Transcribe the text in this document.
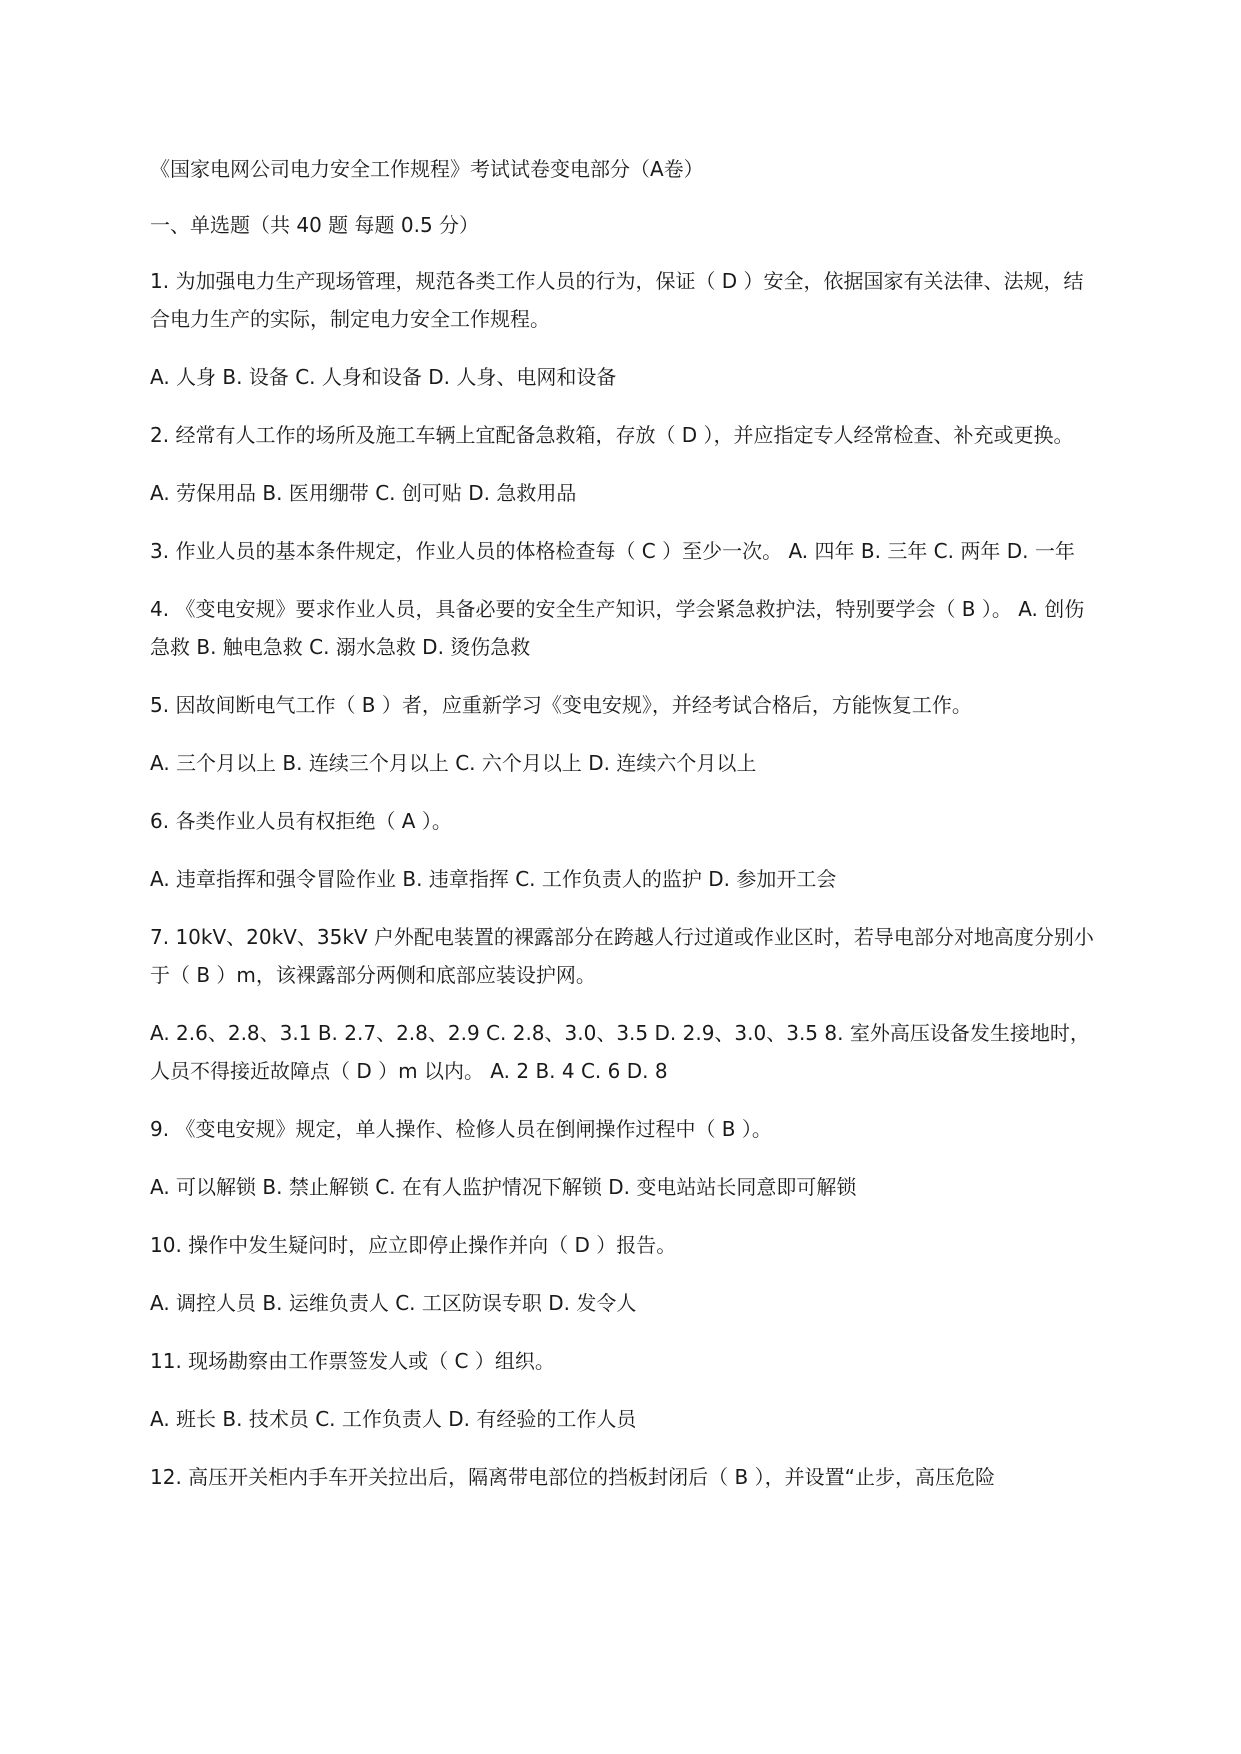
《国家电网公司电力安全工作规程》考试试卷变电部分（A卷）

一、单选题（共 40 题 每题 0.5 分）

1. 为加强电力生产现场管理，规范各类工作人员的行为，保证（ D ）安全，依据国家有关法律、法规，结合电力生产的实际，制定电力安全工作规程。

A. 人身 B. 设备 C. 人身和设备 D. 人身、电网和设备

2. 经常有人工作的场所及施工车辆上宜配备急救箱，存放（ D ），并应指定专人经常检查、补充或更换。

A. 劳保用品 B. 医用绷带 C. 创可贴 D. 急救用品

3. 作业人员的基本条件规定，作业人员的体格检查每（ C ）至少一次。 A. 四年 B. 三年 C. 两年 D. 一年

4. 《变电安规》要求作业人员，具备必要的安全生产知识，学会紧急救护法，特别要学会（ B ）。 A. 创伤急救 B. 触电急救 C. 溺水急救 D. 烫伤急救

5. 因故间断电气工作（ B ）者，应重新学习《变电安规》，并经考试合格后，方能恢复工作。

A. 三个月以上 B. 连续三个月以上 C. 六个月以上 D. 连续六个月以上

6. 各类作业人员有权拒绝（ A ）。

A. 违章指挥和强令冒险作业 B. 违章指挥 C. 工作负责人的监护 D. 参加开工会

7. 10kV、20kV、35kV 户外配电装置的裸露部分在跨越人行过道或作业区时，若导电部分对地高度分别小于（ B ）m，该裸露部分两侧和底部应装设护网。

A. 2.6、2.8、3.1 B. 2.7、2.8、2.9 C. 2.8、3.0、3.5 D. 2.9、3.0、3.5 8. 室外高压设备发生接地时，人员不得接近故障点（ D ）m 以内。 A. 2 B. 4 C. 6 D. 8

9. 《变电安规》规定，单人操作、检修人员在倒闸操作过程中（ B ）。

A. 可以解锁 B. 禁止解锁 C. 在有人监护情况下解锁 D. 变电站站长同意即可解锁

10. 操作中发生疑问时，应立即停止操作并向（ D ）报告。

A. 调控人员 B. 运维负责人 C. 工区防误专职 D. 发令人

11. 现场勘察由工作票签发人或（ C ）组织。

A. 班长 B. 技术员 C. 工作负责人 D. 有经验的工作人员

12. 高压开关柜内手车开关拉出后，隔离带电部位的挡板封闭后（ B ），并设置“止步，高压危险
